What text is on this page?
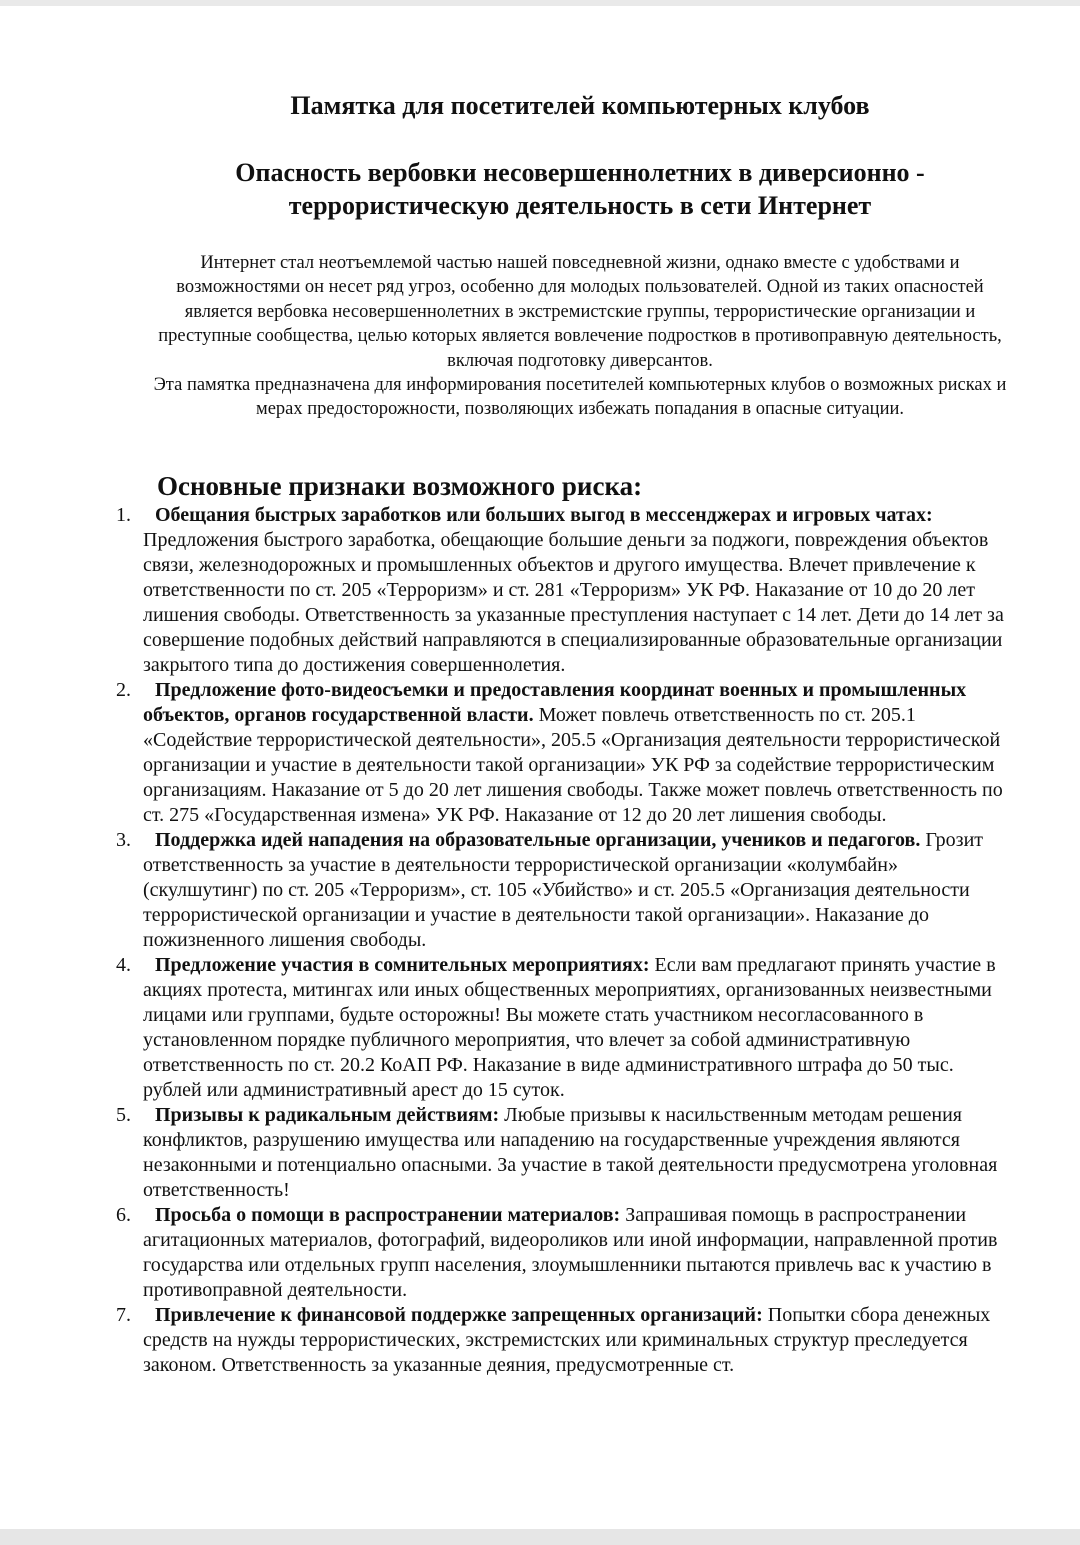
Памятка для посетителей компьютерных клубов
Опасность вербовки несовершеннолетних в диверсионно -
террористическую деятельность в сети Интернет

Интернет стал неотъемлемой частью нашей повседневной жизни, однако вместе с удобствами и возможностями он несет ряд угроз, особенно для молодых пользователей. Одной из таких опасностей является вербовка несовершеннолетних в экстремистские группы, террористические организации и преступные сообщества, целью которых является вовлечение подростков в противоправную деятельность, включая подготовку диверсантов.

Эта памятка предназначена для информирования посетителей компьютерных клубов о возможных рисках и мерах предосторожности, позволяющих избежать попадания в опасные ситуации.

Основные признаки возможного риска:
1. Обещания быстрых заработков или больших выгод в мессенджерах и игровых чатах: Предложения быстрого заработка, обещающие большие деньги за поджоги, повреждения объектов связи, железнодорожных и промышленных объектов и другого имущества. Влечет привлечение к ответственности по ст. 205 «Терроризм» и ст. 281 «Терроризм» УК РФ. Наказание от 10 до 20 лет лишения свободы. Ответственность за указанные преступления наступает с 14 лет. Дети до 14 лет за совершение подобных действий направляются в специализированные образовательные организации закрытого типа до достижения совершеннолетия.
2. Предложение фото-видеосъемки и предоставления координат военных и промышленных объектов, органов государственной власти. Может повлечь ответственность по ст. 205.1 «Содействие террористической деятельности», 205.5 «Организация деятельности террористической организации и участие в деятельности такой организации» УК РФ за содействие террористическим организациям. Наказание от 5 до 20 лет лишения свободы. Также может повлечь ответственность по ст. 275 «Государственная измена» УК РФ. Наказание от 12 до 20 лет лишения свободы.
3. Поддержка идей нападения на образовательные организации, учеников и педагогов. Грозит ответственность за участие в деятельности террористической организации «колумбайн» (скулшутинг) по ст. 205 «Терроризм», ст. 105 «Убийство» и ст. 205.5 «Организация деятельности террористической организации и участие в деятельности такой организации». Наказание до пожизненного лишения свободы.
4. Предложение участия в сомнительных мероприятиях: Если вам предлагают принять участие в акциях протеста, митингах или иных общественных мероприятиях, организованных неизвестными лицами или группами, будьте осторожны! Вы можете стать участником несогласованного в установленном порядке публичного мероприятия, что влечет за собой административную ответственность по ст. 20.2 КоАП РФ. Наказание в виде административного штрафа до 50 тыс. рублей или административный арест до 15 суток.
5. Призывы к радикальным действиям: Любые призывы к насильственным методам решения конфликтов, разрушению имущества или нападению на государственные учреждения являются незаконными и потенциально опасными. За участие в такой деятельности предусмотрена уголовная ответственность!
6. Просьба о помощи в распространении материалов: Запрашивая помощь в распространении агитационных материалов, фотографий, видеороликов или иной информации, направленной против государства или отдельных групп населения, злоумышленники пытаются привлечь вас к участию в противоправной деятельности.
7. Привлечение к финансовой поддержке запрещенных организаций: Попытки сбора денежных средств на нужды террористических, экстремистских или криминальных структур преследуется законом. Ответственность за указанные деяния, предусмотренные ст.
